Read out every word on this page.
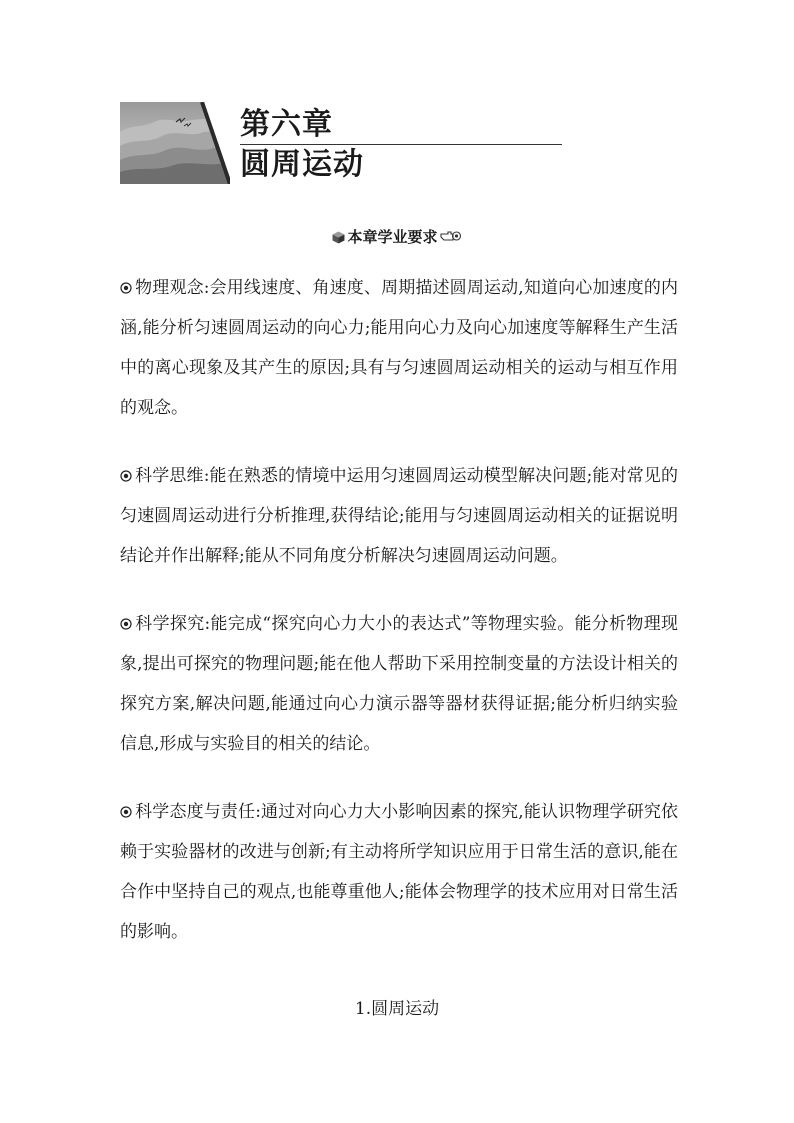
第六章
圆周运动
本章学业要求

物理观念:会用线速度、角速度、周期描述圆周运动,知道向心加速度的内涵,能分析匀速圆周运动的向心力;能用向心力及向心加速度等解释生产生活中的离心现象及其产生的原因;具有与匀速圆周运动相关的运动与相互作用的观念。

科学思维:能在熟悉的情境中运用匀速圆周运动模型解决问题;能对常见的匀速圆周运动进行分析推理,获得结论;能用与匀速圆周运动相关的证据说明结论并作出解释;能从不同角度分析解决匀速圆周运动问题。

科学探究:能完成“探究向心力大小的表达式”等物理实验。能分析物理现象,提出可探究的物理问题;能在他人帮助下采用控制变量的方法设计相关的探究方案,解决问题,能通过向心力演示器等器材获得证据;能分析归纳实验信息,形成与实验目的相关的结论。

科学态度与责任:通过对向心力大小影响因素的探究,能认识物理学研究依赖于实验器材的改进与创新;有主动将所学知识应用于日常生活的意识,能在合作中坚持自己的观点,也能尊重他人;能体会物理学的技术应用对日常生活的影响。

1.圆周运动
